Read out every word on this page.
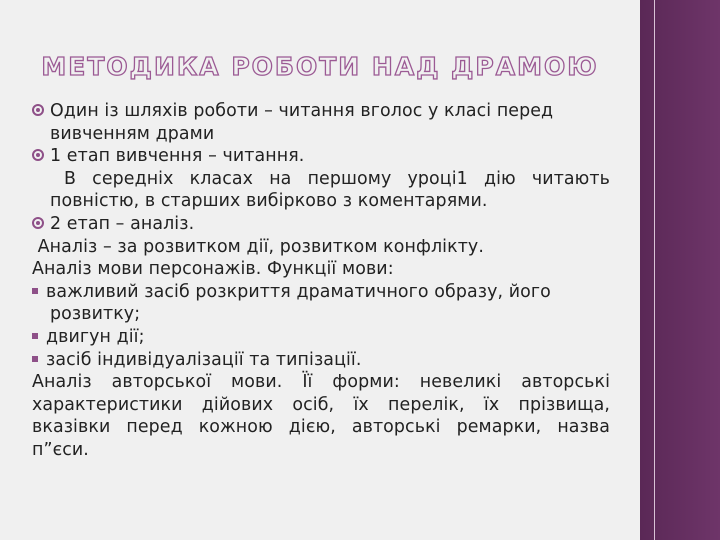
МЕТОДИКА РОБОТИ НАД ДРАМОЮ
Один із шляхів роботи – читання вголос у класі перед
вивченням драми
1 етап вивчення – читання.
В середніх класах на першому уроці1 дію читають
повністю, в старших вибірково з коментарями.
2 етап – аналіз.
Аналіз – за розвитком дії, розвитком конфлікту.
Аналіз мови персонажів. Функції мови:
важливий засіб розкриття драматичного образу, його
розвитку;
двигун дії;
засіб індивідуалізації та типізації.
Аналіз авторської мови. Її форми: невеликі авторські
характеристики дійових осіб, їх перелік, їх прізвища,
вказівки перед кожною дією, авторські ремарки, назва
п”єси.
